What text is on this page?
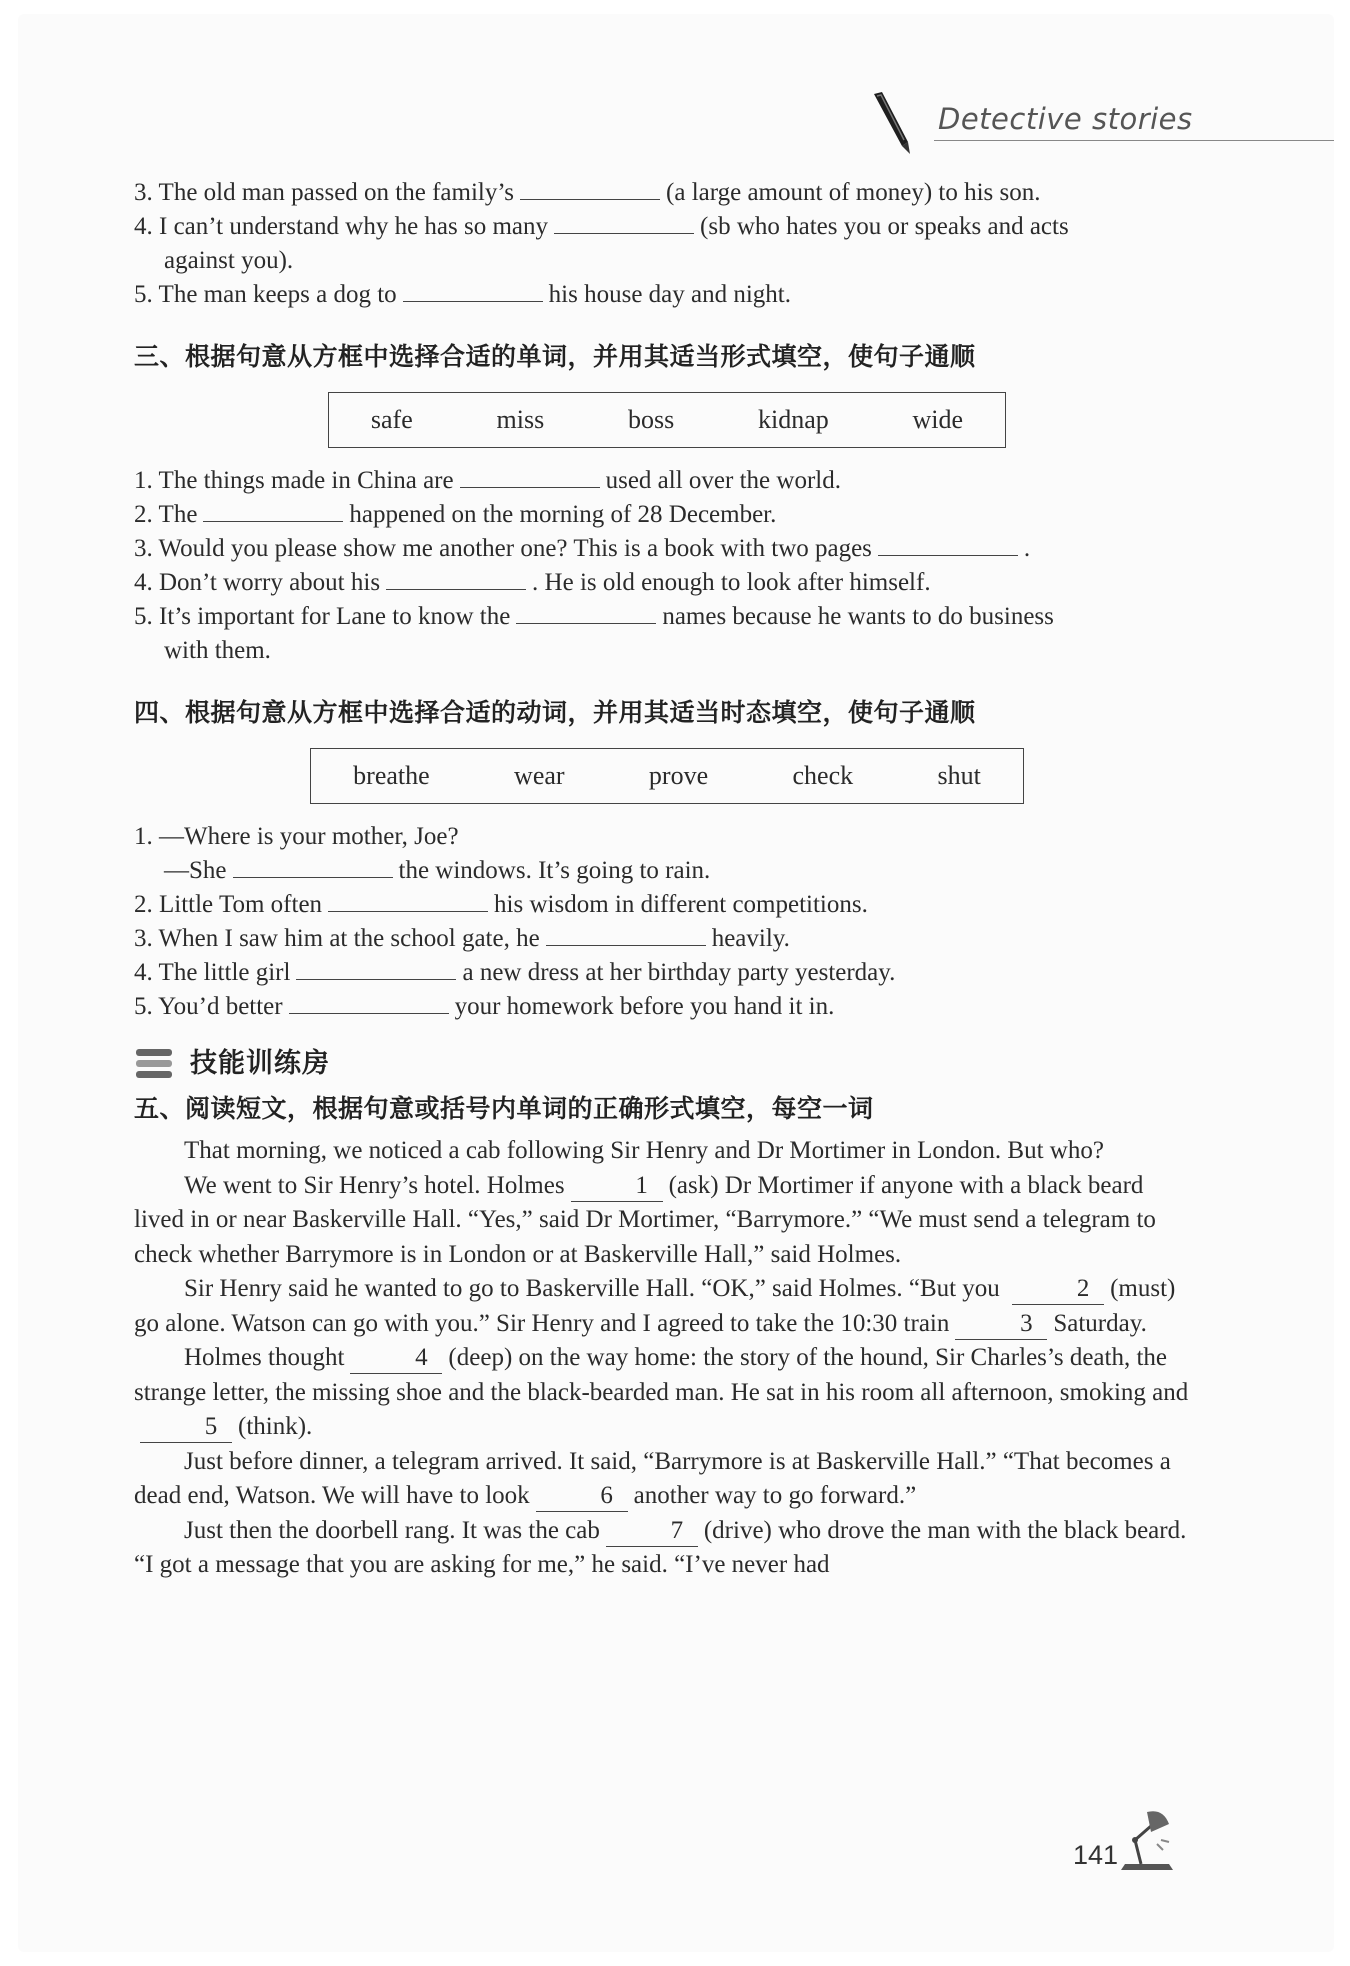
Detective stories
3. The old man passed on the family’s	(a large amount of money) to his son.
4. I can’t understand why he has so many	(sb who hates you or speaks and acts
against you).
5. The man keeps a dog to	his house day and night.
三、根据句意从方框中选择合适的单词，并用其适当形式填空，使句子通顺
safe	miss	boss	kidnap	wide
1. The things made in China are	used all over the world.
2. The	happened on the morning of 28 December.
3. Would you please show me another one? This is a book with two pages	.
4. Don’t worry about his	. He is old enough to look after himself.
5. It’s important for Lane to know the	names because he wants to do business
with them.
四、根据句意从方框中选择合适的动词，并用其适当时态填空，使句子通顺
breathe	wear	prove	check	shut
1. —Where is your mother, Joe?
—She	the windows. It’s going to rain.
2. Little Tom often	his wisdom in different competitions.
3. When I saw him at the school gate, he	heavily.
4. The little girl	a new dress at her birthday party yesterday.
5. You’d better	your homework before you hand it in.
技能训练房
五、阅读短文，根据句意或括号内单词的正确形式填空，每空一词

That morning, we noticed a cab following Sir Henry and Dr Mortimer in London. But who?

We went to Sir Henry’s hotel. Holmes	1 (ask) Dr Mortimer if anyone with a black beard lived in or near Baskerville Hall. “Yes,” said Dr Mortimer, “Barrymore.” “We must send a telegram to check whether Barrymore is in London or at Baskerville Hall,” said Holmes.

Sir Henry said he wanted to go to Baskerville Hall. “OK,” said Holmes. “But you	2 (must) go alone. Watson can go with you.” Sir Henry and I agreed to take the 10:30 train	3 Saturday.

Holmes thought	4 (deep) on the way home: the story of the hound, Sir Charles’s death, the strange letter, the missing shoe and the black-bearded man. He sat in his room all afternoon, smoking and5 (think).

Just before dinner, a telegram arrived. It said, “Barrymore is at Baskerville Hall.” “That becomes a dead end, Watson. We will have to look	6 another way to go forward.”

Just then the doorbell rang. It was the cab	7 (drive) who drove the man with the black beard. “I got a message that you are asking for me,” he said. “I’ve never had

141
